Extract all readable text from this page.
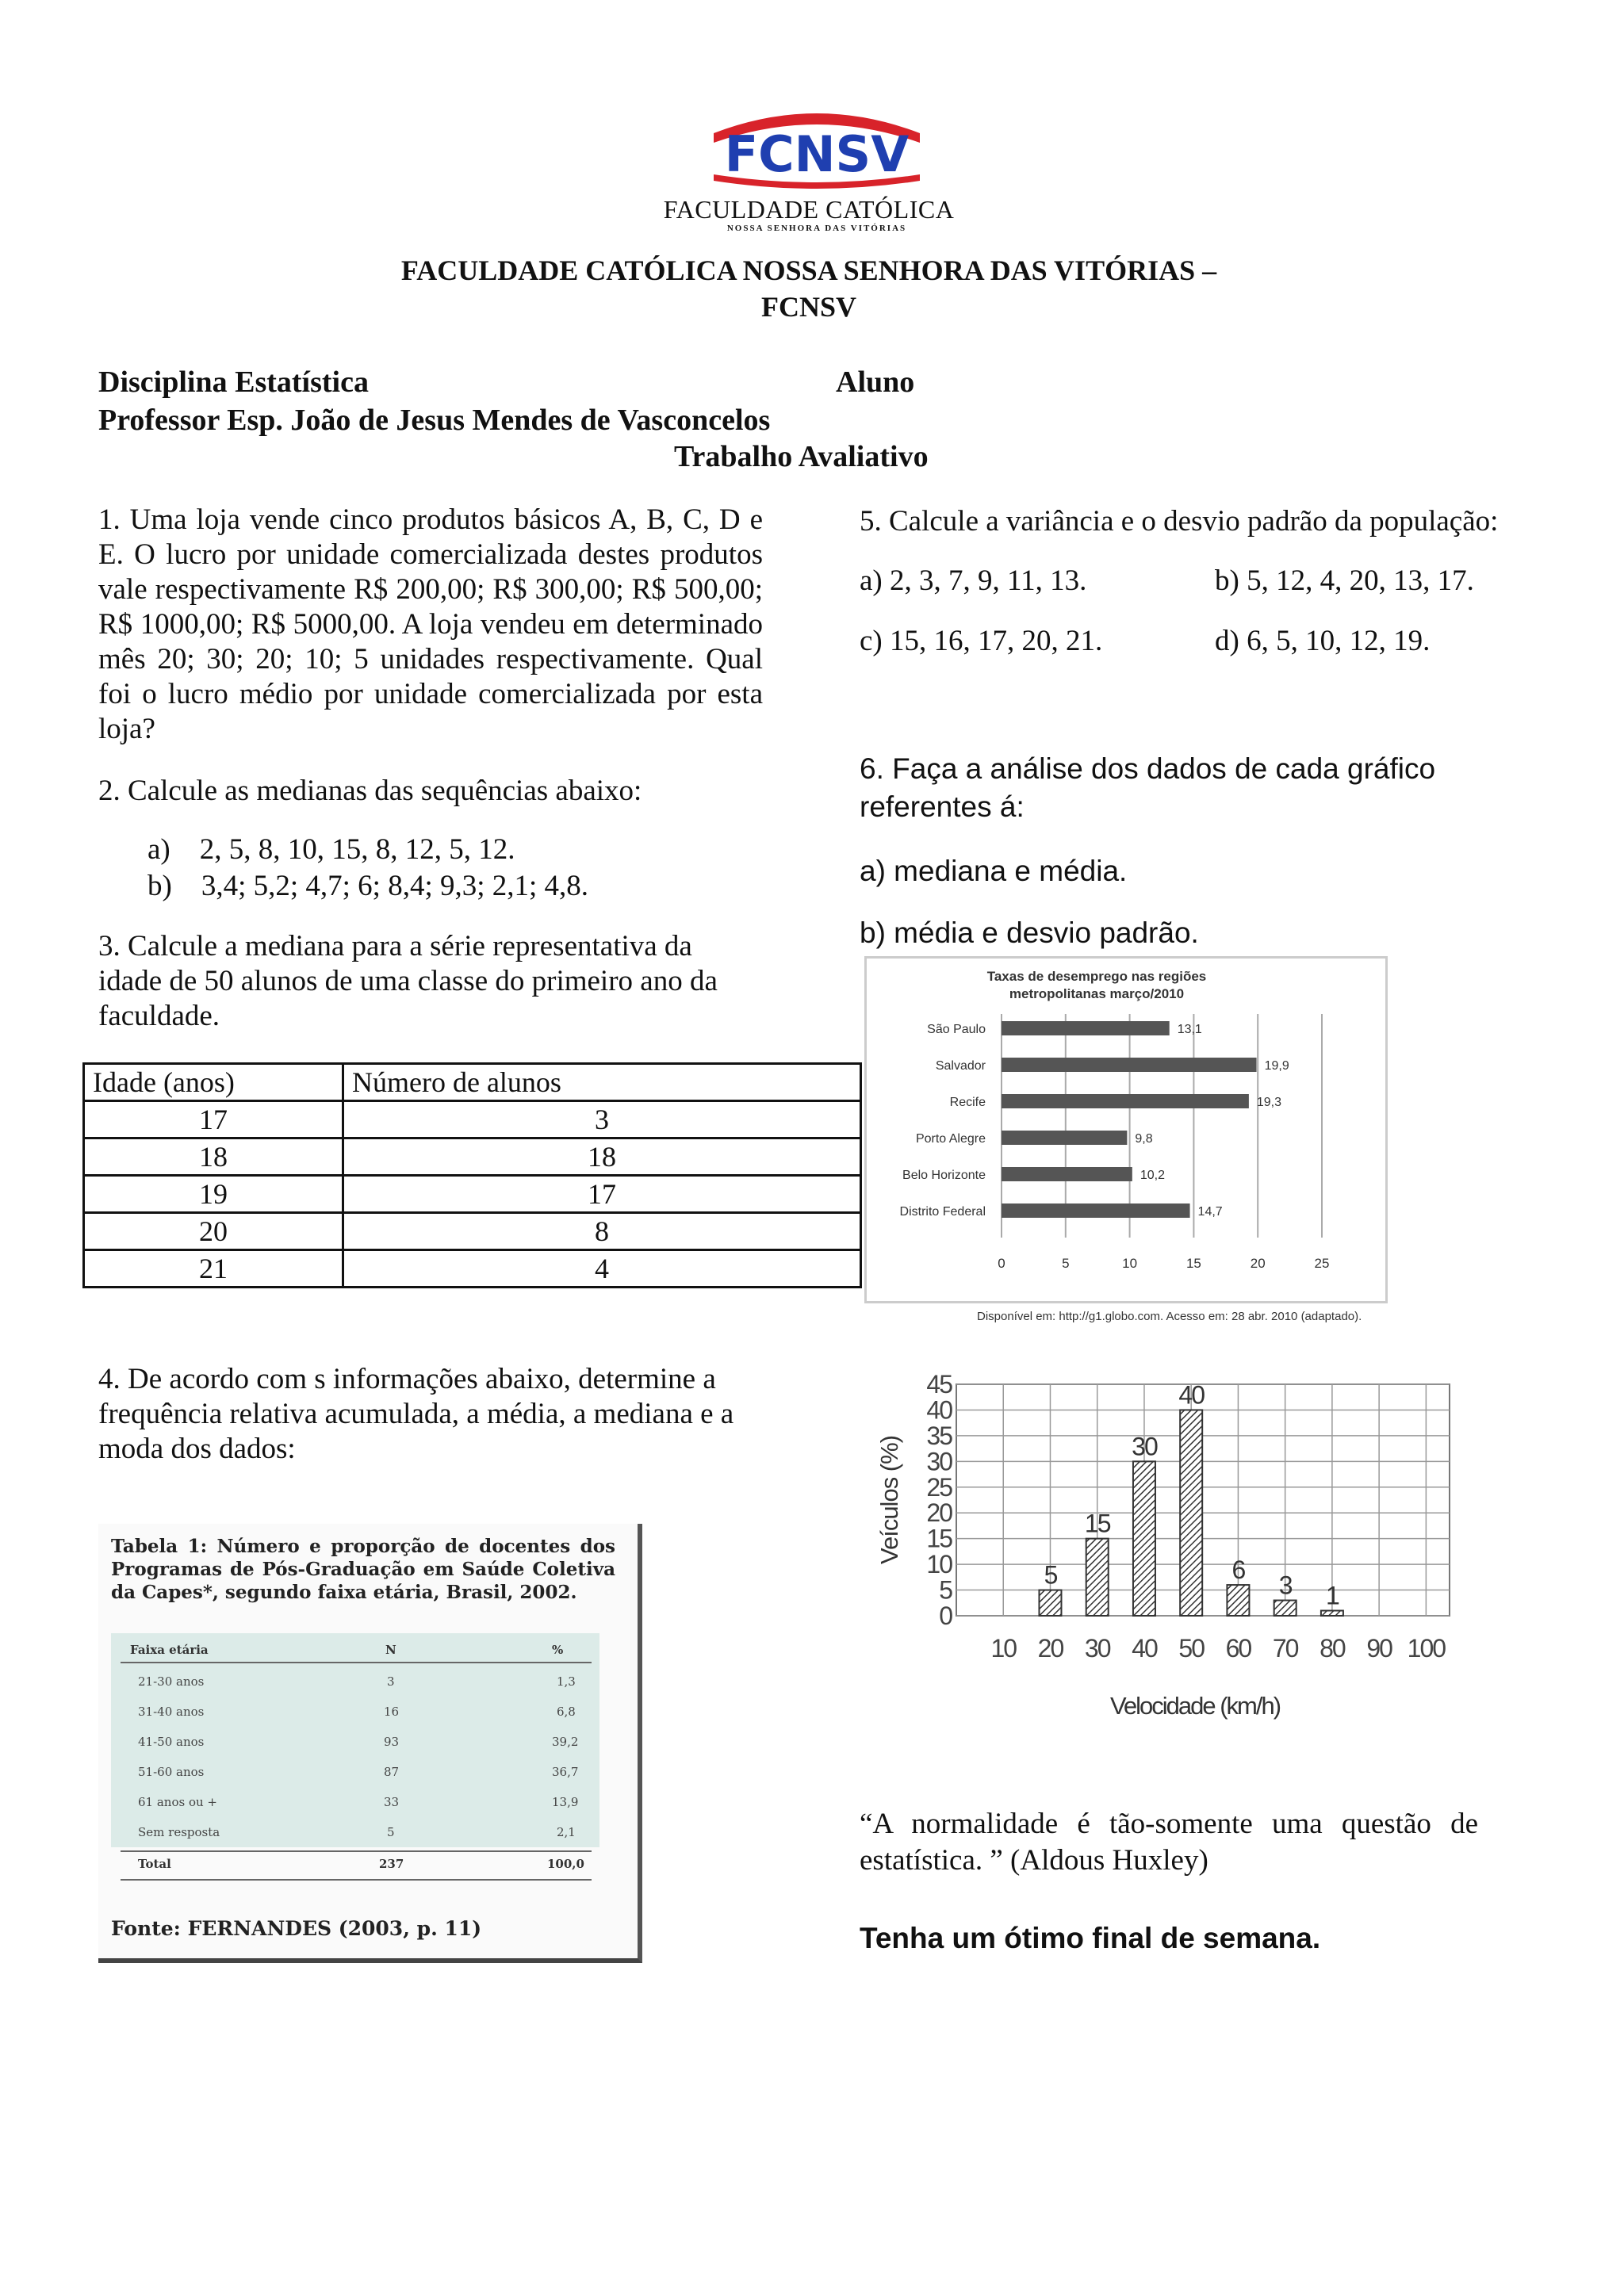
FCNSV
FACULDADE CATÓLICA
NOSSA SENHORA DAS VITÓRIAS
FACULDADE CATÓLICA NOSSA SENHORA DAS VITÓRIAS –
FCNSV
Disciplina Estatística	Aluno
Professor Esp. João de Jesus Mendes de Vasconcelos
Trabalho Avaliativo
1. Uma loja vende cinco produtos básicos A, B, C, D e E. O lucro por unidade comercializada destes produtos vale respectivamente R$ 200,00; R$ 300,00; R$ 500,00; R$ 1000,00; R$ 5000,00. A loja vendeu em determinado mês 20; 30; 20; 10; 5 unidades respectivamente. Qual foi o lucro médio por unidade comercializada por esta loja?
2. Calcule as medianas das sequências abaixo:
a)    2, 5, 8, 10, 15, 8, 12, 5, 12.
b)    3,4; 5,2; 4,7; 6; 8,4; 9,3; 2,1; 4,8.
3. Calcule a mediana para a série representativa da idade de 50 alunos de uma classe do primeiro ano da faculdade.
Idade (anos)	Número de alunos
17	3
18	18
19	17
20	8
21	4
4. De acordo com s informações abaixo, determine a frequência relativa acumulada, a média, a mediana e a moda dos dados:
Tabela 1: Número e proporção de docentes dos Programas de Pós-Graduação em Saúde Coletiva da Capes*, segundo faixa etária, Brasil, 2002.
Faixa etária	N	%
21-30 anos	3	1,3
31-40 anos	16	6,8
41-50 anos	93	39,2
51-60 anos	87	36,7
61 anos ou +	33	13,9
Sem resposta	5	2,1
Total	237	100,0
Fonte: FERNANDES (2003, p. 11)
5. Calcule a variância e o desvio padrão da população:
a) 2, 3, 7, 9, 11, 13.	b) 5, 12, 4, 20, 13, 17.
c) 15, 16, 17, 20, 21.	d) 6, 5, 10, 12, 19.
6. Faça a análise dos dados de cada gráfico referentes á:
a) mediana e média.
b) média e desvio padrão.
Taxas de desemprego nas regiões
metropolitanas março/2010
0	5	10	15	20	25
São Paulo	13,1
Salvador	19,9
Recife	19,3
Porto Alegre	9,8
Belo Horizonte	10,2
Distrito Federal	14,7
Disponível em: http://g1.globo.com. Acesso em: 28 abr. 2010 (adaptado).
0
5
10
15
20
25
30
35
40
45
10 20 30 40 50 60 70 80 90 100
5
15
30
40
6
3 1
Velocidade (km/h)
Veículos (%)
“A normalidade é tão-somente uma questão de estatística. ” (Aldous Huxley)
Tenha um ótimo final de semana.
